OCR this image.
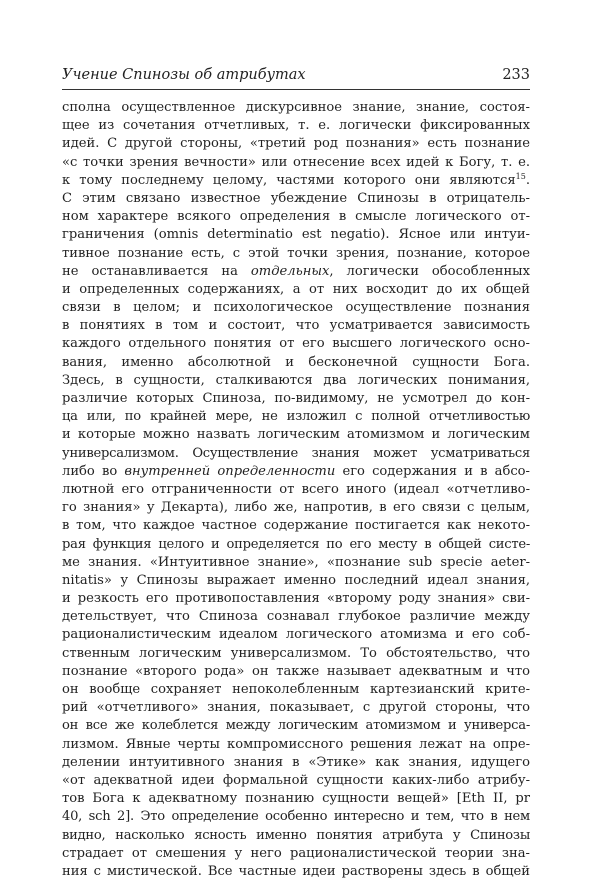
Учение Спинозы об атрибутах	233
сполна осуществленное дискурсивное знание, знание, состоя-
щее из сочетания отчетливых, т. е. логически фиксированных
идей. С другой стороны, «третий род познания» есть познание
«с точки зрения вечности» или отнесение всех идей к Богу, т. е.
к тому последнему целому, частями которого они являются$^{15}$.
С этим связано известное убеждение Спинозы в отрицатель-
ном характере всякого определения в смысле логического от-
граничения (omnis determinatio est negatio). Ясное или интуи-
тивное познание есть, с этой точки зрения, познание, которое
не останавливается на отдельных, логически обособленных
и определенных содержаниях, а от них восходит до их общей
связи в целом; и психологическое осуществление познания
в понятиях в том и состоит, что усматривается зависимость
каждого отдельного понятия от его высшего логического осно-
вания, именно абсолютной и бесконечной сущности Бога.
Здесь, в сущности, сталкиваются два логических понимания,
различие которых Спиноза, по-видимому, не усмотрел до кон-
ца или, по крайней мере, не изложил с полной отчетливостью
и которые можно назвать логическим атомизмом и логическим
универсализмом. Осуществление знания может усматриваться
либо во внутренней определенности его содержания и в абсо-
лютной его отграниченности от всего иного (идеал «отчетливо-
го знания» у Декарта), либо же, напротив, в его связи с целым,
в том, что каждое частное содержание постигается как некото-
рая функция целого и определяется по его месту в общей систе-
ме знания. «Интуитивное знание», «познание sub specie aeter-
nitatis» у Спинозы выражает именно последний идеал знания,
и резкость его противопоставления «второму роду знания» сви-
детельствует, что Спиноза сознавал глубокое различие между
рационалистическим идеалом логического атомизма и его соб-
ственным логическим универсализмом. То обстоятельство, что
познание «второго рода» он также называет адекватным и что
он вообще сохраняет непоколебленным картезианский крите-
рий «отчетливого» знания, показывает, с другой стороны, что
он все же колеблется между логическим атомизмом и универса-
лизмом. Явные черты компромиссного решения лежат на опре-
делении интуитивного знания в «Этике» как знания, идущего
«от адекватной идеи формальной сущности каких-либо атрибу-
тов Бога к адекватному познанию сущности вещей» [Eth II, pr
40, sch 2]. Это определение особенно интересно и тем, что в нем
видно, насколько ясность именно понятия атрибута у Спинозы
страдает от смешения у него рационалистической теории зна-
ния с мистической. Все частные идеи растворены здесь в общей
